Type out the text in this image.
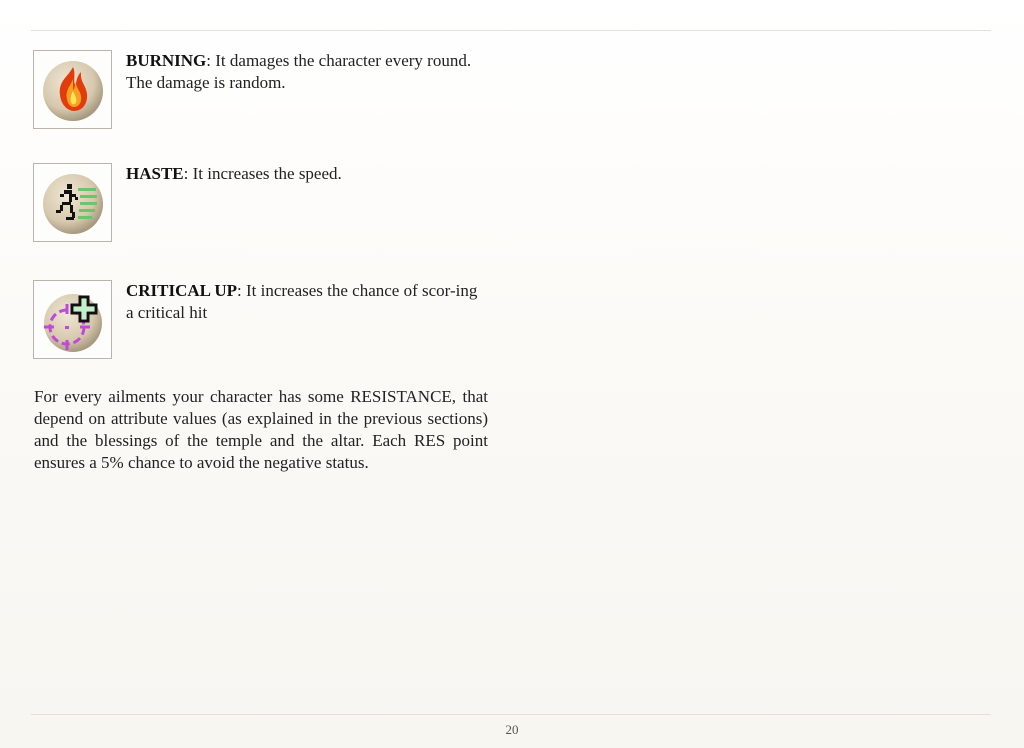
BURNING: It damages the character every round. The damage is random.
HASTE: It increases the speed.
CRITICAL UP: It increases the chance of scor-ing a critical hit
For every ailments your character has some RESISTANCE, that depend on attribute values (as explained in the previous sections) and the blessings of the temple and the altar. Each RES point ensures a 5% chance to avoid the negative status.
20
